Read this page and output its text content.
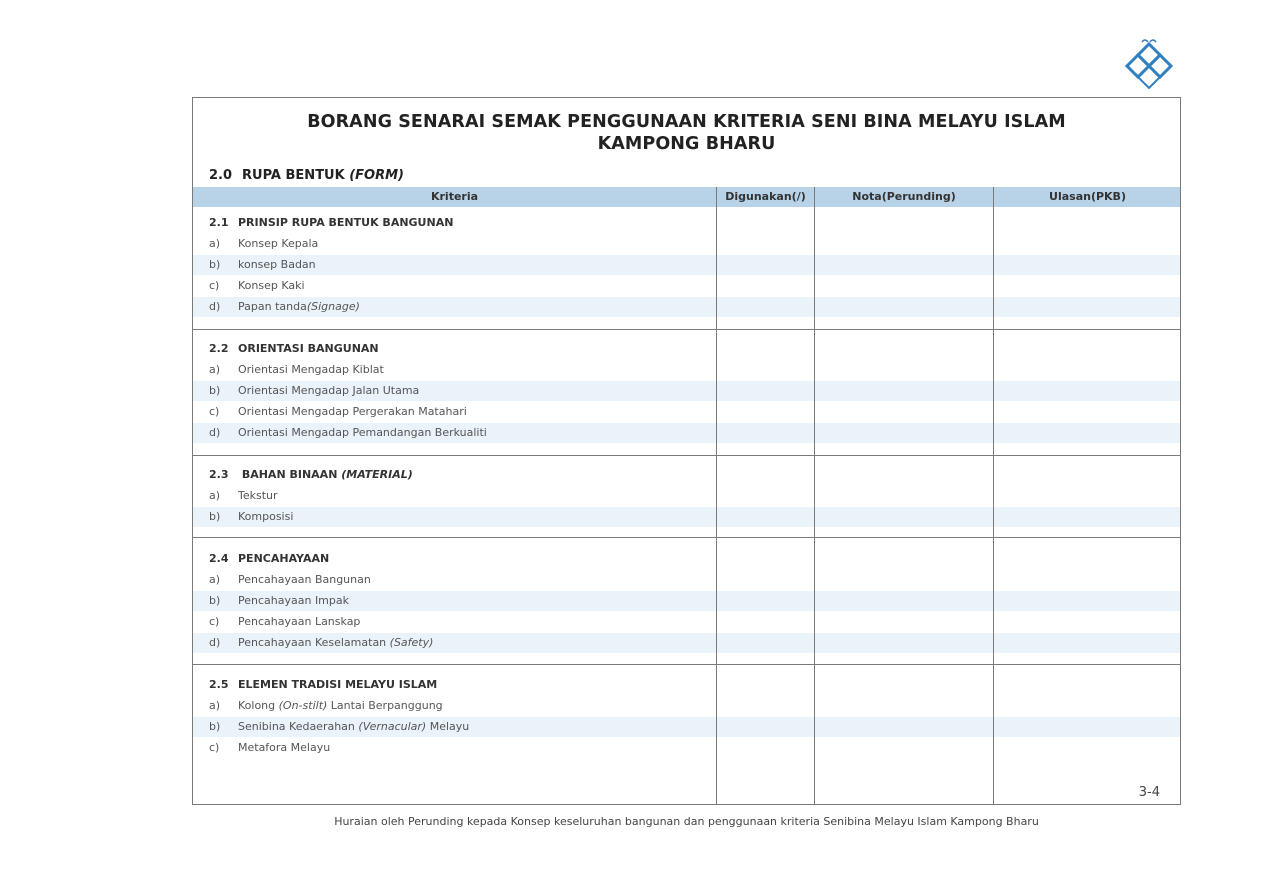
BORANG SENARAI SEMAK PENGGUNAAN KRITERIA SENI BINA MELAYU ISLAM
KAMPONG BHARU
2.0 RUPA BENTUK (FORM)
Kriteria	Digunakan(/)	Nota(Perunding)	Ulasan(PKB)
2.1 PRINSIP RUPA BENTUK BANGUNAN
a) Konsep Kepala
b) konsep Badan
c) Konsep Kaki
d) Papan tanda(Signage)
2.2 ORIENTASI BANGUNAN
a) Orientasi Mengadap Kiblat
b) Orientasi Mengadap Jalan Utama
c) Orientasi Mengadap Pergerakan Matahari
d) Orientasi Mengadap Pemandangan Berkualiti
2.3 BAHAN BINAAN (MATERIAL)
a) Tekstur
b) Komposisi
2.4 PENCAHAYAAN
a) Pencahayaan Bangunan
b) Pencahayaan Impak
c) Pencahayaan Lanskap
d) Pencahayaan Keselamatan (Safety)
2.5 ELEMEN TRADISI MELAYU ISLAM
a) Kolong (On-stilt) Lantai Berpanggung
b) Senibina Kedaerahan (Vernacular) Melayu
c) Metafora Melayu
3-4
Huraian oleh Perunding kepada Konsep keseluruhan bangunan dan penggunaan kriteria Senibina Melayu Islam Kampong Bharu
